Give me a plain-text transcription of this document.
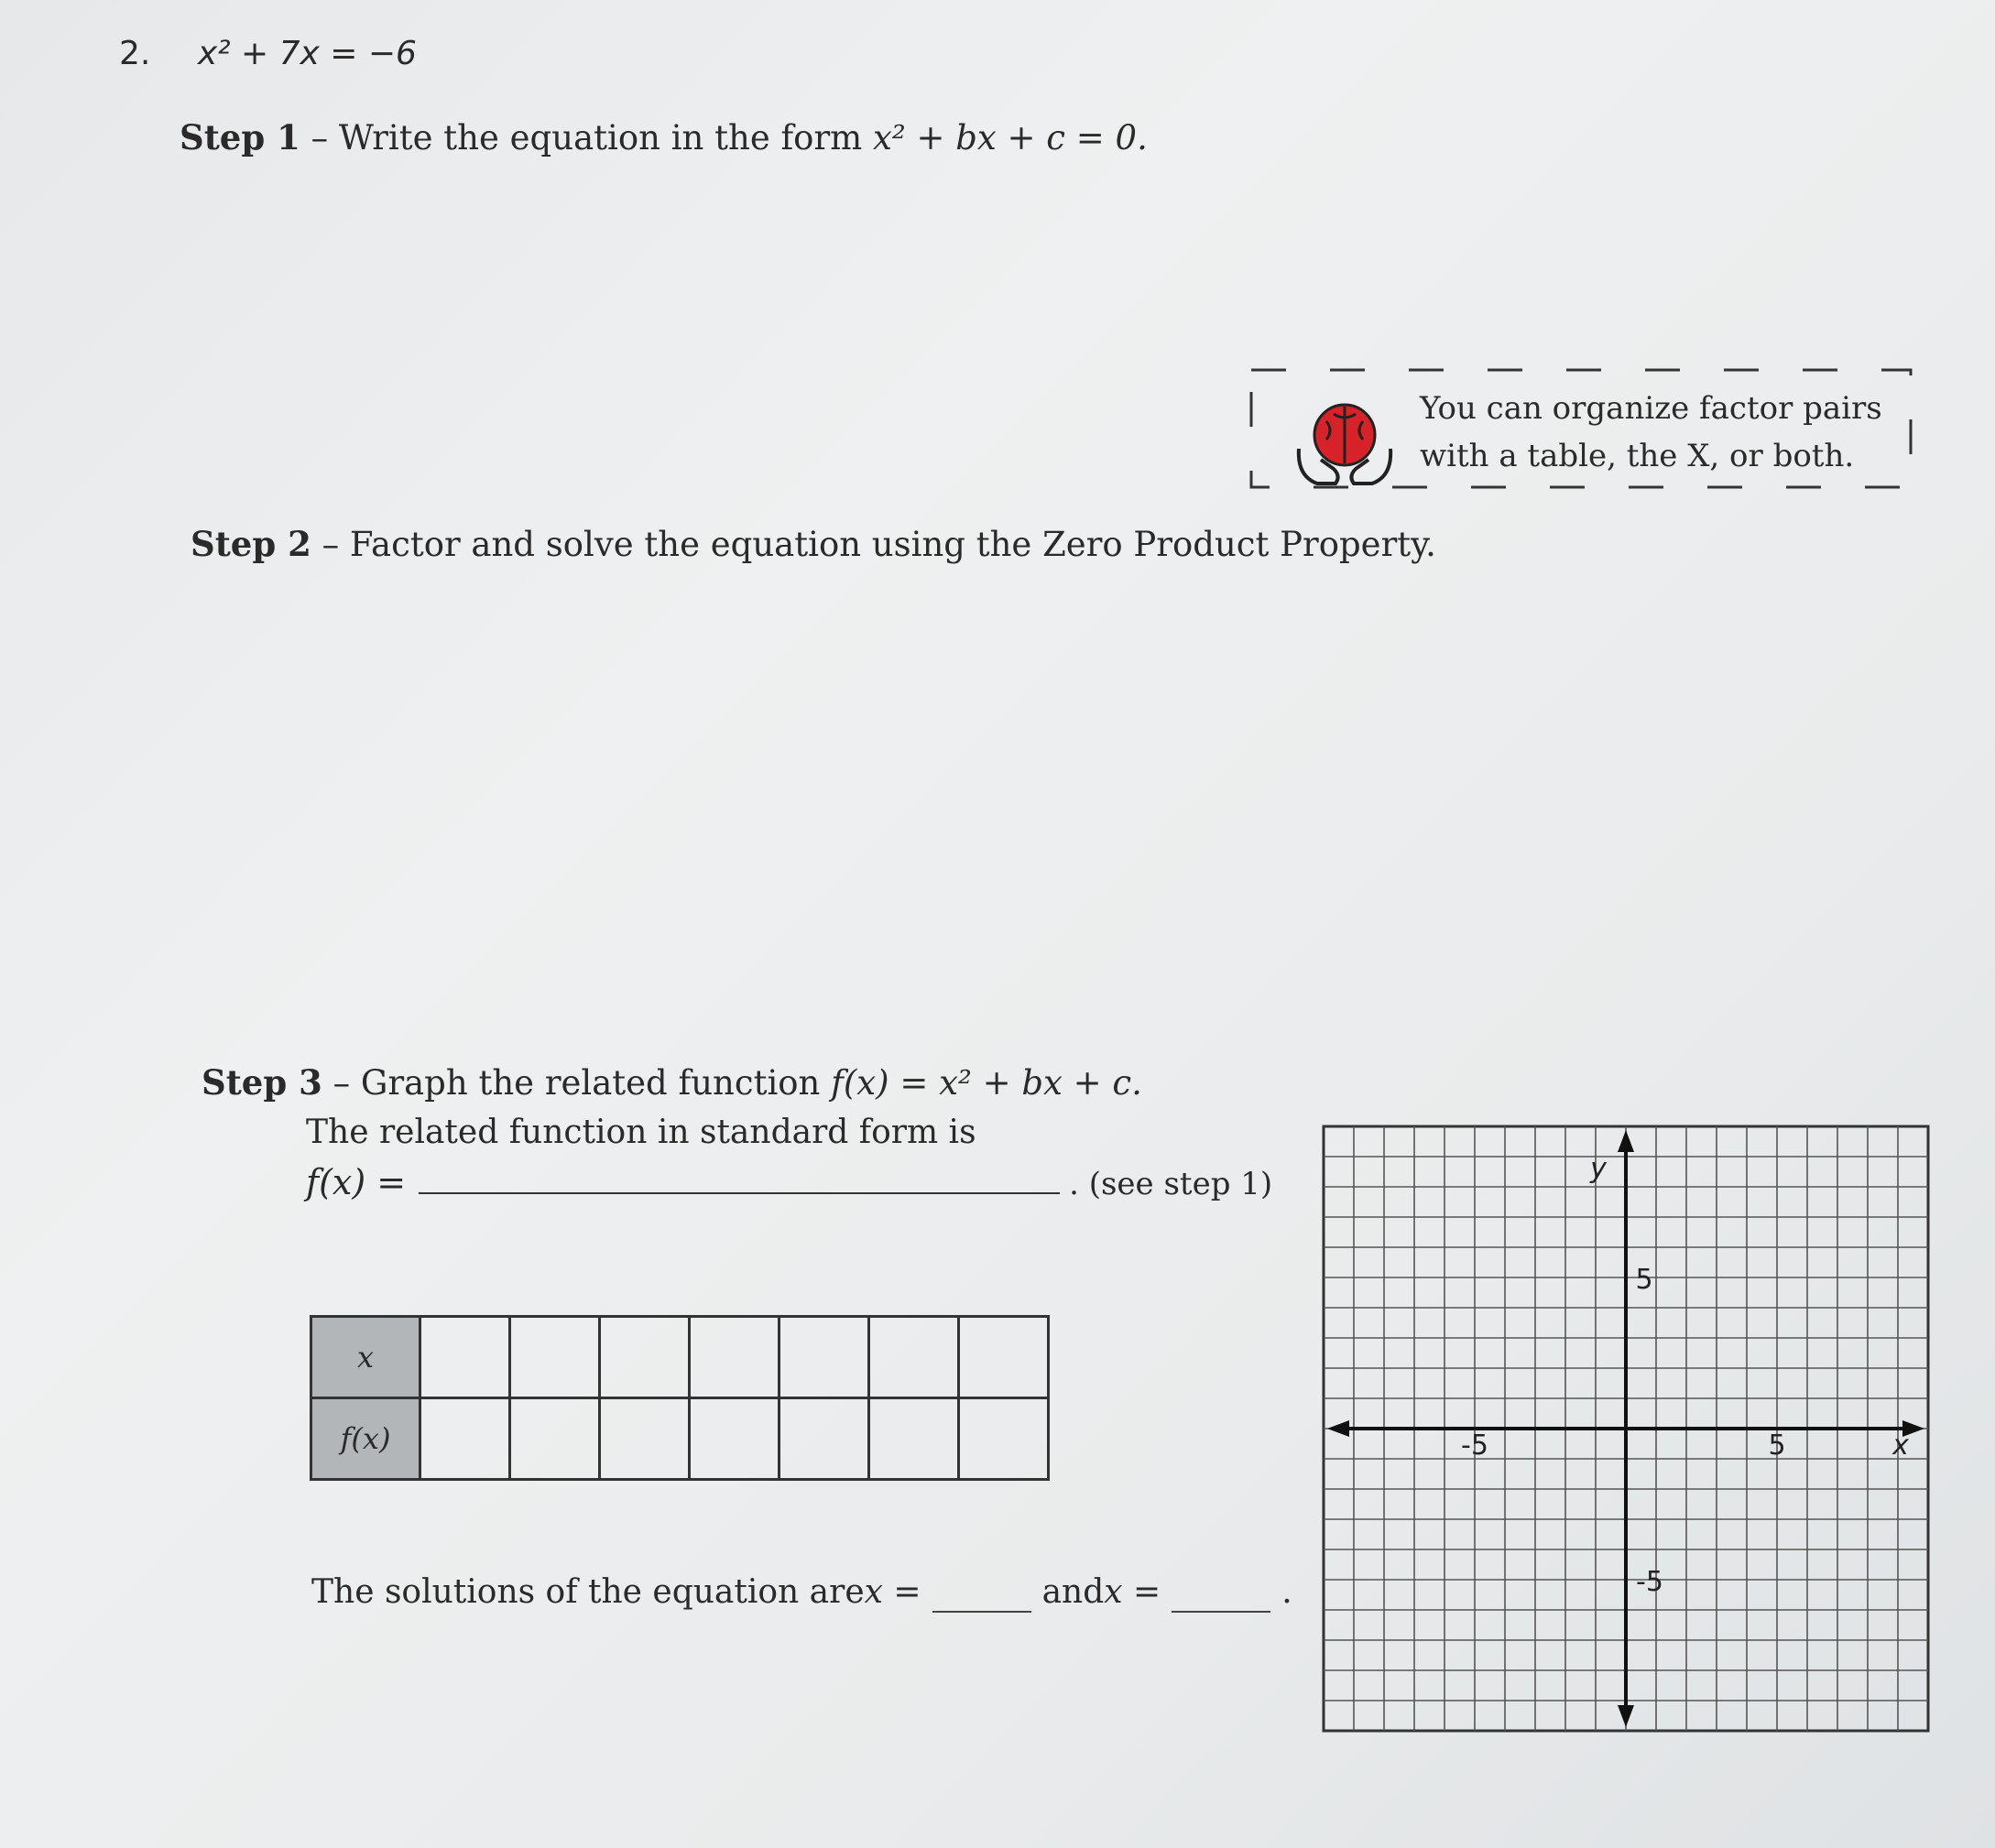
2. x² + 7x = −6
Step 1 – Write the equation in the form x² + bx + c = 0.
You can organize factor pairs
with a table, the X, or both.
Step 2 – Factor and solve the equation using the Zero Product Property.
Step 3 – Graph the related function f(x) = x² + bx + c.
The related function in standard form is
f(x) =	. (see step 1)
x							
f(x)							
The solutions of the equation are x =
	and x =
	.
-5	5
5
-5
x
y
